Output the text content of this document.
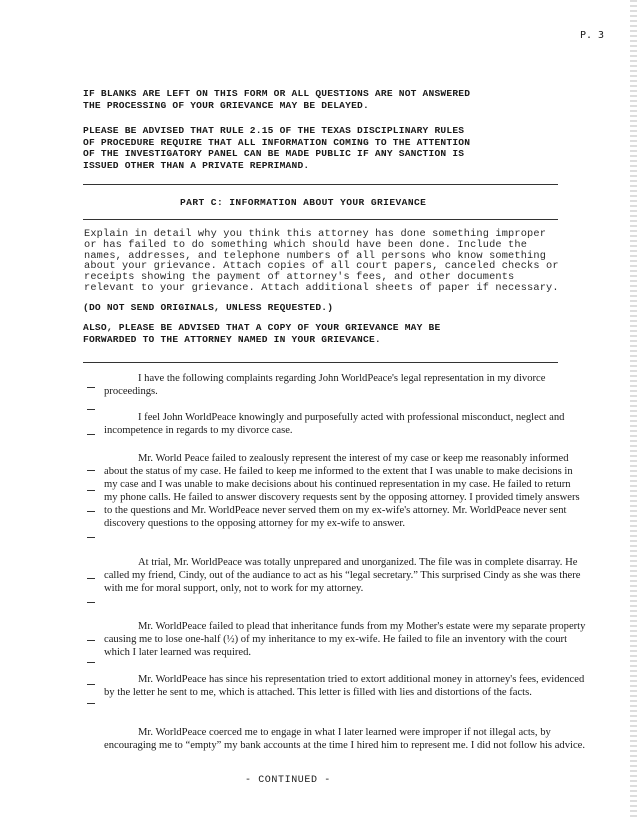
P. 3
IF BLANKS ARE LEFT ON THIS FORM OR ALL QUESTIONS ARE NOT ANSWERED
THE PROCESSING OF YOUR GRIEVANCE MAY BE DELAYED.
PLEASE BE ADVISED THAT RULE 2.15 OF THE TEXAS DISCIPLINARY RULES
OF PROCEDURE REQUIRE THAT ALL INFORMATION COMING TO THE ATTENTION
OF THE INVESTIGATORY PANEL CAN BE MADE PUBLIC IF ANY SANCTION IS
ISSUED OTHER THAN A PRIVATE REPRIMAND.
PART C: INFORMATION ABOUT YOUR GRIEVANCE
Explain in detail why you think this attorney has done something improper or has failed to do something which should have been done. Include the names, addresses, and telephone numbers of all persons who know something about your grievance. Attach copies of all court papers, canceled checks or receipts showing the payment of attorney's fees, and other documents relevant to your grievance. Attach additional sheets of paper if necessary.
(DO NOT SEND ORIGINALS, UNLESS REQUESTED.)
ALSO, PLEASE BE ADVISED THAT A COPY OF YOUR GRIEVANCE MAY BE
FORWARDED TO THE ATTORNEY NAMED IN YOUR GRIEVANCE.
I have the following complaints regarding John WorldPeace's legal representation in my divorce proceedings.
I feel John WorldPeace knowingly and purposefully acted with professional misconduct, neglect and incompetence in regards to my divorce case.
Mr. World Peace failed to zealously represent the interest of my case or keep me reasonably informed about the status of my case. He failed to keep me informed to the extent that I was unable to make decisions in my case and I was unable to make decisions about his continued representation in my case. He failed to return my phone calls. He failed to answer discovery requests sent by the opposing attorney. I provided timely answers to the questions and Mr. WorldPeace never served them on my ex-wife's attorney. Mr. WorldPeace never sent discovery questions to the opposing attorney for my ex-wife to answer.
At trial, Mr. WorldPeace was totally unprepared and unorganized. The file was in complete disarray. He called my friend, Cindy, out of the audiance to act as his “legal secretary.” This surprised Cindy as she was there with me for moral support, only, not to work for my attorney.
Mr. WorldPeace failed to plead that inheritance funds from my Mother's estate were my separate property causing me to lose one-half (½) of my inheritance to my ex-wife. He failed to file an inventory with the court which I later learned was required.
Mr. WorldPeace has since his representation tried to extort additional money in attorney's fees, evidenced by the letter he sent to me, which is attached. This letter is filled with lies and distortions of the facts.
Mr. WorldPeace coerced me to engage in what I later learned were improper if not illegal acts, by encouraging me to “empty” my bank accounts at the time I hired him to represent me. I did not follow his advice.
- CONTINUED -
